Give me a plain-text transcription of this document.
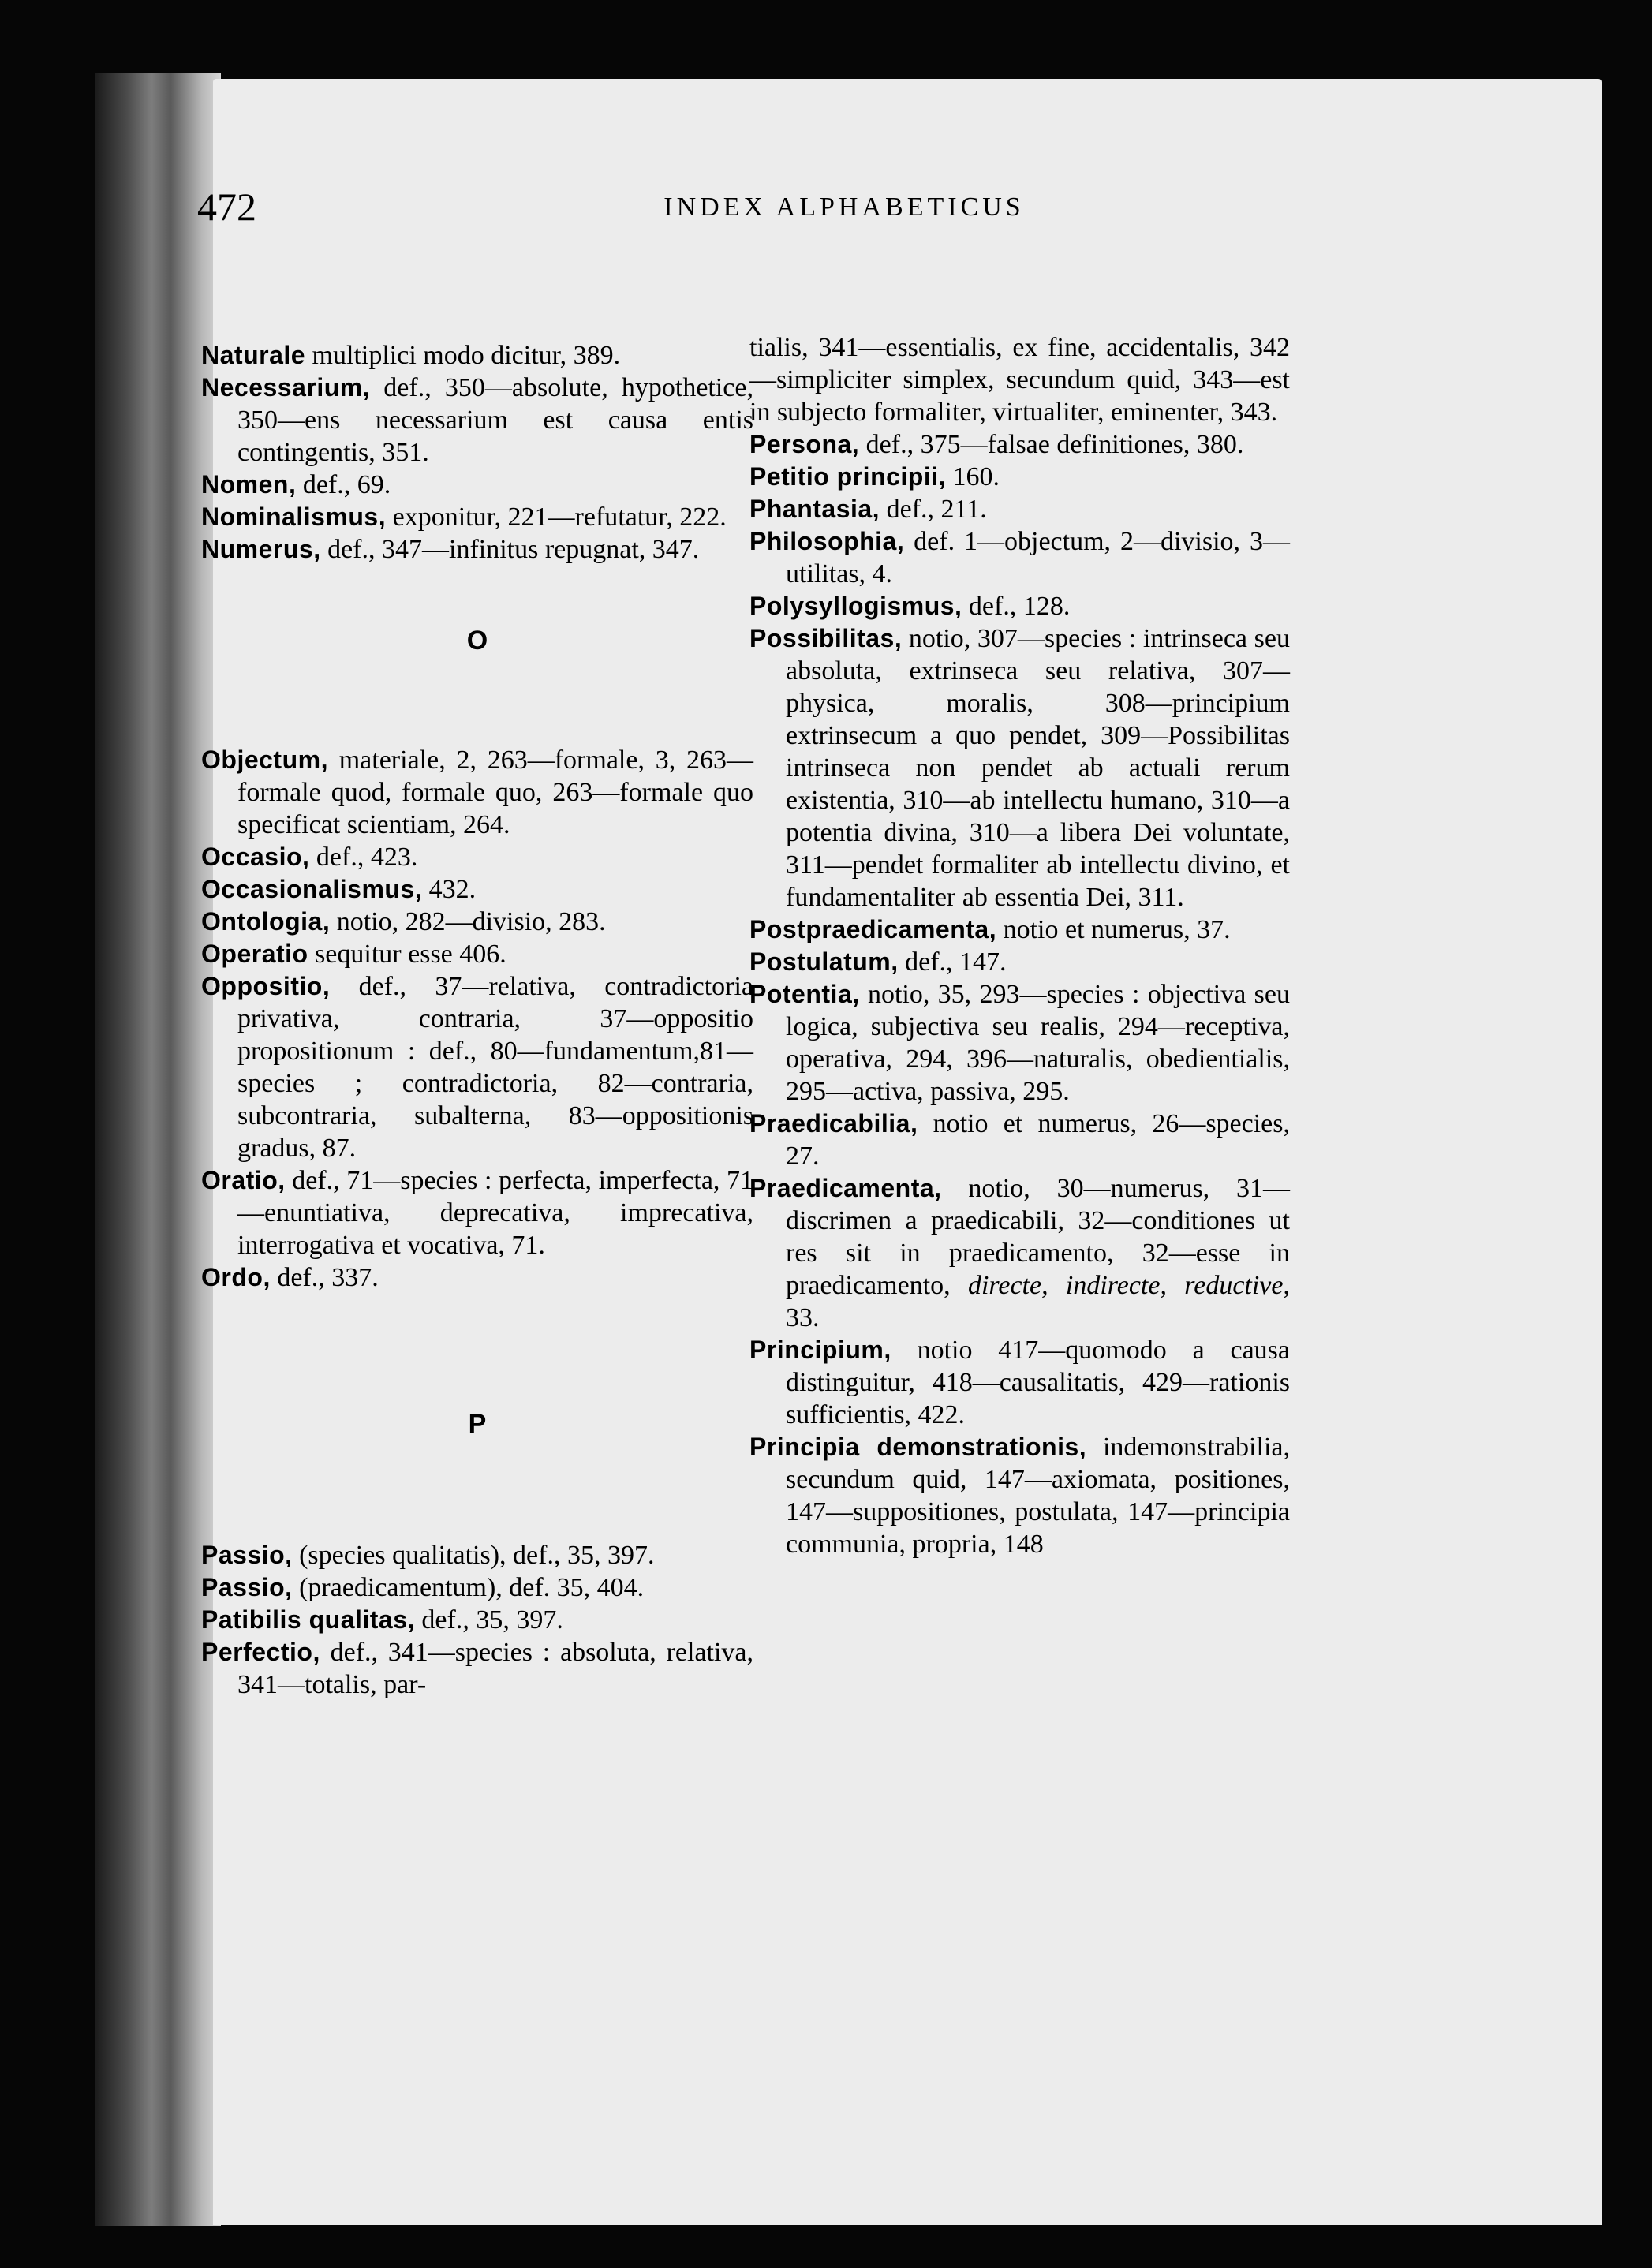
472	INDEX ALPHABETICUS

Naturale multiplici modo dicitur, 389.

Necessarium, def., 350—absolute, hypothetice, 350—ens necessarium est causa entis contingentis, 351.

Nomen, def., 69.

Nominalismus, exponitur, 221—refutatur, 222.

Numerus, def., 347—infinitus repugnat, 347.

O

Objectum, materiale, 2, 263—formale, 3, 263—formale quod, formale quo, 263—formale quo specificat scientiam, 264.

Occasio, def., 423.

Occasionalismus, 432.

Ontologia, notio, 282—divisio, 283.

Operatio sequitur esse 406.

Oppositio, def., 37—relativa, contradictoria privativa, contraria, 37—oppositio propositionum : def., 80—fundamentum,81—species ; contradictoria, 82—contraria, subcontraria, subalterna, 83—oppositionis gradus, 87.

Oratio, def., 71—species : perfecta, imperfecta, 71—enuntiativa, deprecativa, imprecativa, interrogativa et vocativa, 71.

Ordo, def., 337.

P

Passio, (species qualitatis), def., 35, 397.

Passio, (praedicamentum), def. 35, 404.

Patibilis qualitas, def., 35, 397.

Perfectio, def., 341—species : absoluta, relativa, 341—totalis, par-

tialis, 341—essentialis, ex fine, accidentalis, 342—simpliciter simplex, secundum quid, 343—est in subjecto formaliter, virtualiter, eminenter, 343.

Persona, def., 375—falsae definitiones, 380.

Petitio principii, 160.

Phantasia, def., 211.

Philosophia, def. 1—objectum, 2—divisio, 3—utilitas, 4.

Polysyllogismus, def., 128.

Possibilitas, notio, 307—species : intrinseca seu absoluta, extrinseca seu relativa, 307—physica, moralis, 308—principium extrinsecum a quo pendet, 309—Possibilitas intrinseca non pendet ab actuali rerum existentia, 310—ab intellectu humano, 310—a potentia divina, 310—a libera Dei voluntate, 311—pendet formaliter ab intellectu divino, et fundamentaliter ab essentia Dei, 311.

Postpraedicamenta, notio et numerus, 37.

Postulatum, def., 147.

Potentia, notio, 35, 293—species : objectiva seu logica, subjectiva seu realis, 294—receptiva, operativa, 294, 396—naturalis, obedientialis, 295—activa, passiva, 295.

Praedicabilia, notio et numerus, 26—species, 27.

Praedicamenta, notio, 30—numerus, 31—discrimen a praedicabili, 32—conditiones ut res sit in praedicamento, 32—esse in praedicamento, directe, indirecte, reductive, 33.

Principium, notio 417—quomodo a causa distinguitur, 418—causalitatis, 429—rationis sufficientis, 422.

Principia demonstrationis, indemonstrabilia, secundum quid, 147—axiomata, positiones, 147—suppositiones, postulata, 147—principia communia, propria, 148
